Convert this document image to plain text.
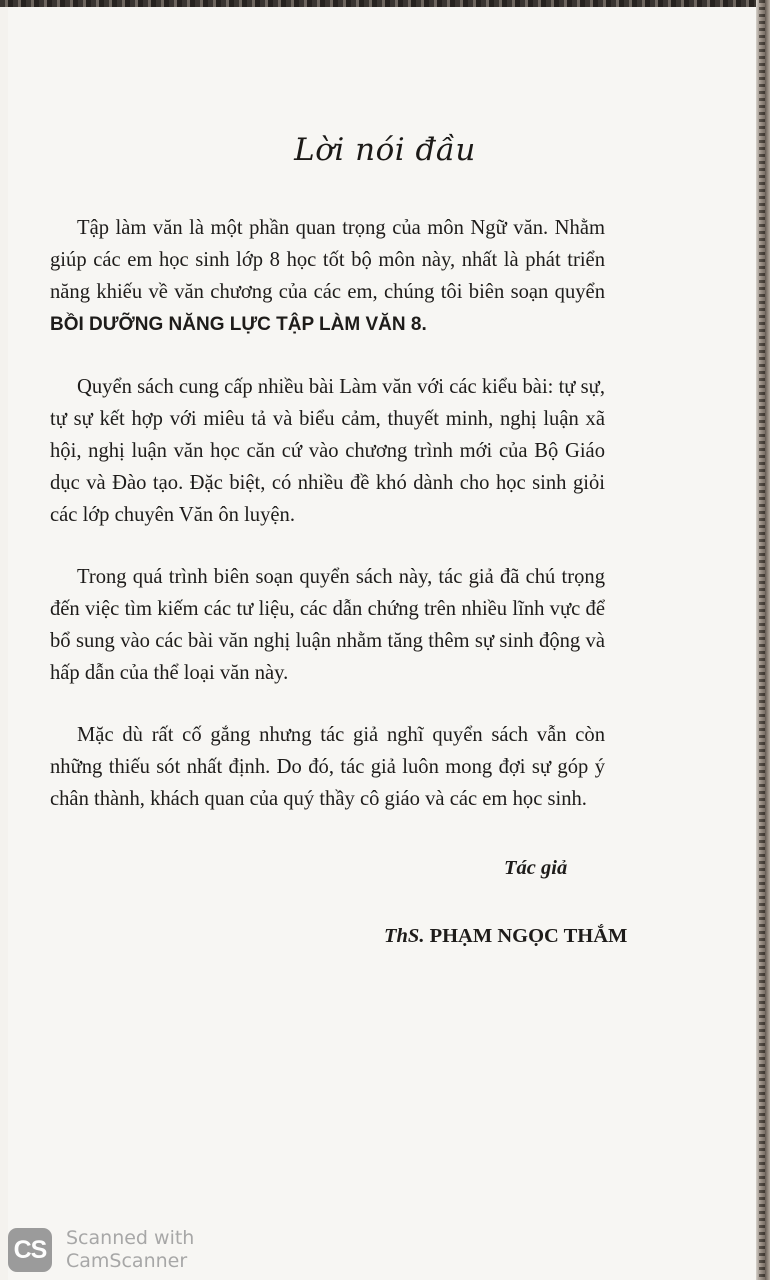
Lời nói đầu

Tập làm văn là một phần quan trọng của môn Ngữ văn. Nhằm giúp các em học sinh lớp 8 học tốt bộ môn này, nhất là phát triển năng khiếu về văn chương của các em, chúng tôi biên soạn quyển BỒI DƯỠNG NĂNG LỰC TẬP LÀM VĂN 8.

Quyển sách cung cấp nhiều bài Làm văn với các kiểu bài: tự sự, tự sự kết hợp với miêu tả và biểu cảm, thuyết minh, nghị luận xã hội, nghị luận văn học căn cứ vào chương trình mới của Bộ Giáo dục và Đào tạo. Đặc biệt, có nhiều đề khó dành cho học sinh giỏi các lớp chuyên Văn ôn luyện.

Trong quá trình biên soạn quyển sách này, tác giả đã chú trọng đến việc tìm kiếm các tư liệu, các dẫn chứng trên nhiều lĩnh vực để bổ sung vào các bài văn nghị luận nhằm tăng thêm sự sinh động và hấp dẫn của thể loại văn này.

Mặc dù rất cố gắng nhưng tác giả nghĩ quyển sách vẫn còn những thiếu sót nhất định. Do đó, tác giả luôn mong đợi sự góp ý chân thành, khách quan của quý thầy cô giáo và các em học sinh.

Tác giả
ThS. PHẠM NGỌC THẮM
CS Scanned with
CamScanner
